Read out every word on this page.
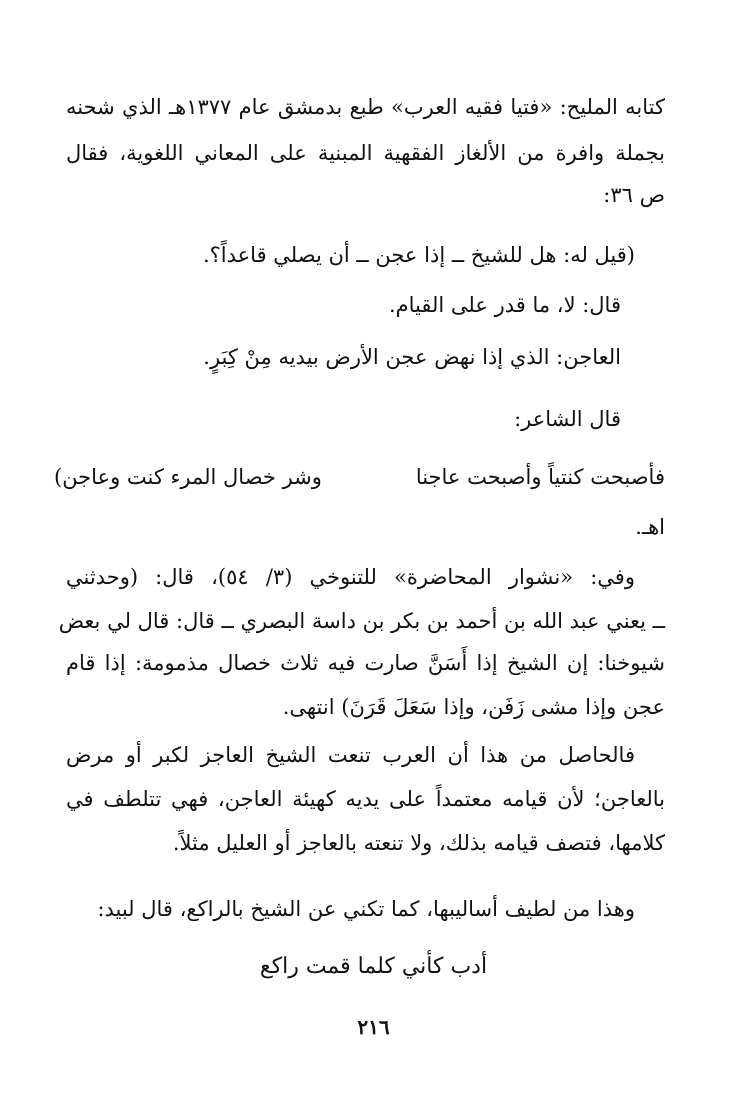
كتابه المليح: «فتيا فقيه العرب» طبع بدمشق عام ١٣٧٧هـ الذي شحنه
بجملة وافرة من الألغاز الفقهية المبنية على المعاني اللغوية، فقال
ص ٣٦:
(قيل له: هل للشيخ ــ إذا عجن ــ أن يصلي قاعداً؟.
قال: لا، ما قدر على القيام.
العاجن: الذي إذا نهض عجن الأرض بيديه مِنْ كِبَرٍ.
قال الشاعر:
فأصبحت كنتياً وأصبحت عاجنا
وشر خصال المرء كنت وعاجن)
اهـ.
وفي: «نشوار المحاضرة» للتنوخي (٣/ ٥٤)، قال: (وحدثني
ــ يعني عبد الله بن أحمد بن بكر بن داسة البصري ــ قال: قال لي بعض
شيوخنا: إن الشيخ إذا أَسَنَّ صارت فيه ثلاث خصال مذمومة: إذا قام
عجن وإذا مشى زَفَن، وإذا سَعَلَ قَرَنَ) انتهى.
فالحاصل من هذا أن العرب تنعت الشيخ العاجز لكبر أو مرض
بالعاجن؛ لأن قيامه معتمداً على يديه كهيئة العاجن، فهي تتلطف في
كلامها، فتصف قيامه بذلك، ولا تنعته بالعاجز أو العليل مثلاً.
وهذا من لطيف أساليبها، كما تكني عن الشيخ بالراكع، قال لبيد:
أدب كأني كلما قمت راكع
٢١٦
